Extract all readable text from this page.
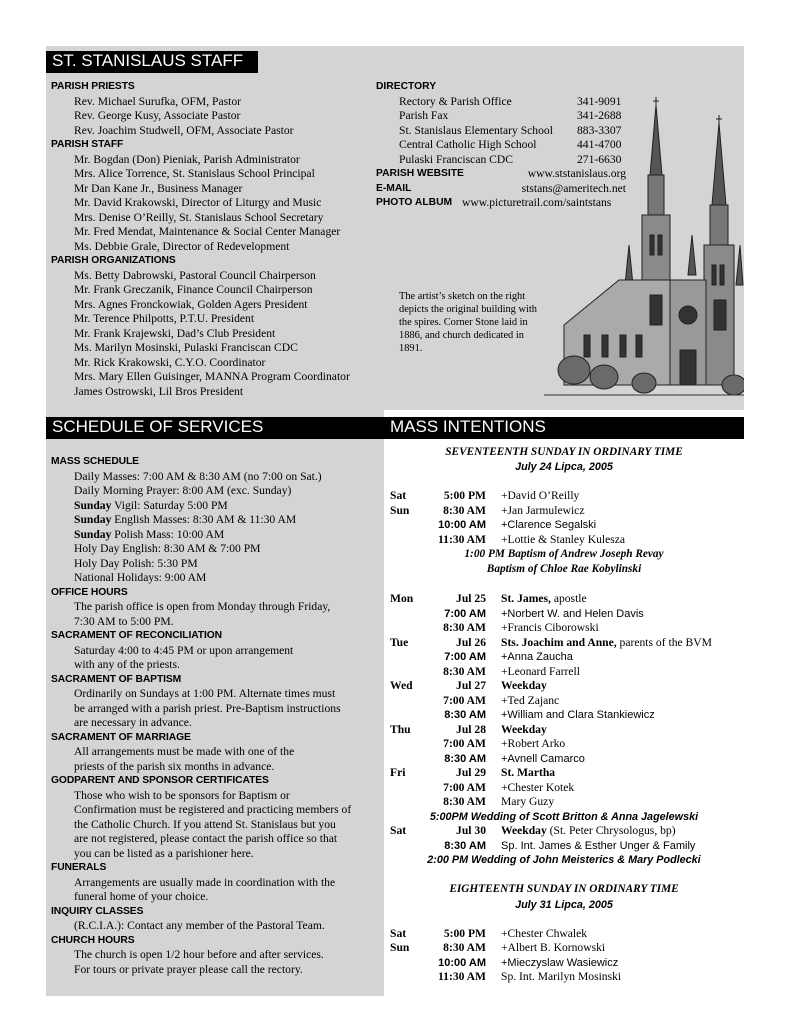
ST. STANISLAUS STAFF
PARISH PRIESTS
Rev. Michael Surufka, OFM, Pastor
Rev. George Kusy, Associate Pastor
Rev. Joachim Studwell, OFM, Associate Pastor
PARISH STAFF
Mr. Bogdan (Don) Pieniak, Parish Administrator
Mrs. Alice Torrence, St. Stanislaus School Principal
Mr Dan Kane Jr., Business Manager
Mr. David Krakowski, Director of Liturgy and Music
Mrs. Denise O’Reilly, St. Stanislaus School Secretary
Mr. Fred Mendat, Maintenance & Social Center Manager
Ms. Debbie Grale, Director of Redevelopment
PARISH ORGANIZATIONS
Ms. Betty Dabrowski, Pastoral Council Chairperson
Mr. Frank Greczanik, Finance Council Chairperson
Mrs. Agnes Fronckowiak, Golden Agers President
Mr. Terence Philpotts, P.T.U. President
Mr. Frank Krajewski, Dad’s Club President
Ms. Marilyn Mosinski, Pulaski Franciscan CDC
Mr. Rick Krakowski, C.Y.O. Coordinator
Mrs. Mary Ellen Guisinger, MANNA Program Coordinator
James Ostrowski, Lil Bros President
DIRECTORY
Rectory & Parish Office	341-9091
Parish Fax	341-2688
St. Stanislaus Elementary School 883-3307
Central Catholic High School	441-4700
Pulaski Franciscan CDC	271-6630
PARISH WEBSITE	www.ststanislaus.org
E-MAIL	ststans@ameritech.net
PHOTO ALBUM www.picturetrail.com/saintstans
The artist’s sketch on the right depicts the original building with the spires. Corner Stone laid in 1886, and church dedicated in 1891.
SCHEDULE OF SERVICES	MASS INTENTIONS
MASS SCHEDULE
Daily Masses: 7:00 AM & 8:30 AM (no 7:00 on Sat.)
Daily Morning Prayer: 8:00 AM (exc. Sunday)
Sunday Vigil: Saturday 5:00 PM
Sunday English Masses: 8:30 AM & 11:30 AM
Sunday Polish Mass: 10:00 AM
Holy Day English: 8:30 AM & 7:00 PM
Holy Day Polish: 5:30 PM
National Holidays: 9:00 AM
OFFICE HOURS
The parish office is open from Monday through Friday,
7:30 AM to 5:00 PM.
SACRAMENT OF RECONCILIATION
Saturday 4:00 to 4:45 PM or upon arrangement
with any of the priests.
SACRAMENT OF BAPTISM
Ordinarily on Sundays at 1:00 PM. Alternate times must
be arranged with a parish priest. Pre-Baptism instructions
are necessary in advance.
SACRAMENT OF MARRIAGE
All arrangements must be made with one of the
priests of the parish six months in advance.
GODPARENT AND SPONSOR CERTIFICATES
Those who wish to be sponsors for Baptism or
Confirmation must be registered and practicing members of
the Catholic Church. If you attend St. Stanislaus but you
are not registered, please contact the parish office so that
you can be listed as a parishioner here.
FUNERALS
Arrangements are usually made in coordination with the
funeral home of your choice.
INQUIRY CLASSES
(R.C.I.A.): Contact any member of the Pastoral Team.
CHURCH HOURS
The church is open 1/2 hour before and after services.
For tours or private prayer please call the rectory.
SEVENTEENTH SUNDAY IN ORDINARY TIME
July 24 Lipca, 2005
Sat	5:00 PM +David O’Reilly
Sun	8:30 AM +Jan Jarmulewicz
10:00 AM +Clarence Segalski
11:30 AM +Lottie & Stanley Kulesza
1:00 PM Baptism of Andrew Joseph Revay
Baptism of Chloe Rae Kobylinski
Mon	Jul 25 St. James, apostle
7:00 AM +Norbert W. and Helen Davis
8:30 AM +Francis Ciborowski
Tue	Jul 26 Sts. Joachim and Anne, parents of the BVM
7:00 AM +Anna Zaucha
8:30 AM +Leonard Farrell
Wed	Jul 27 Weekday
7:00 AM +Ted Zajanc
8:30 AM +William and Clara Stankiewicz
Thu	Jul 28 Weekday
7:00 AM +Robert Arko
8:30 AM +Avnell Camarco
Fri	Jul 29 St. Martha
7:00 AM +Chester Kotek
8:30 AM Mary Guzy
5:00PM Wedding of Scott Britton & Anna Jagelewski
Sat	Jul 30 Weekday (St. Peter Chrysologus, bp)
8:30 AM Sp. Int. James & Esther Unger & Family
2:00 PM Wedding of John Meisterics & Mary Podlecki
EIGHTEENTH SUNDAY IN ORDINARY TIME
July 31 Lipca, 2005
Sat	5:00 PM +Chester Chwalek
Sun	8:30 AM +Albert B. Kornowski
10:00 AM +Mieczyslaw Wasiewicz
11:30 AM Sp. Int. Marilyn Mosinski
